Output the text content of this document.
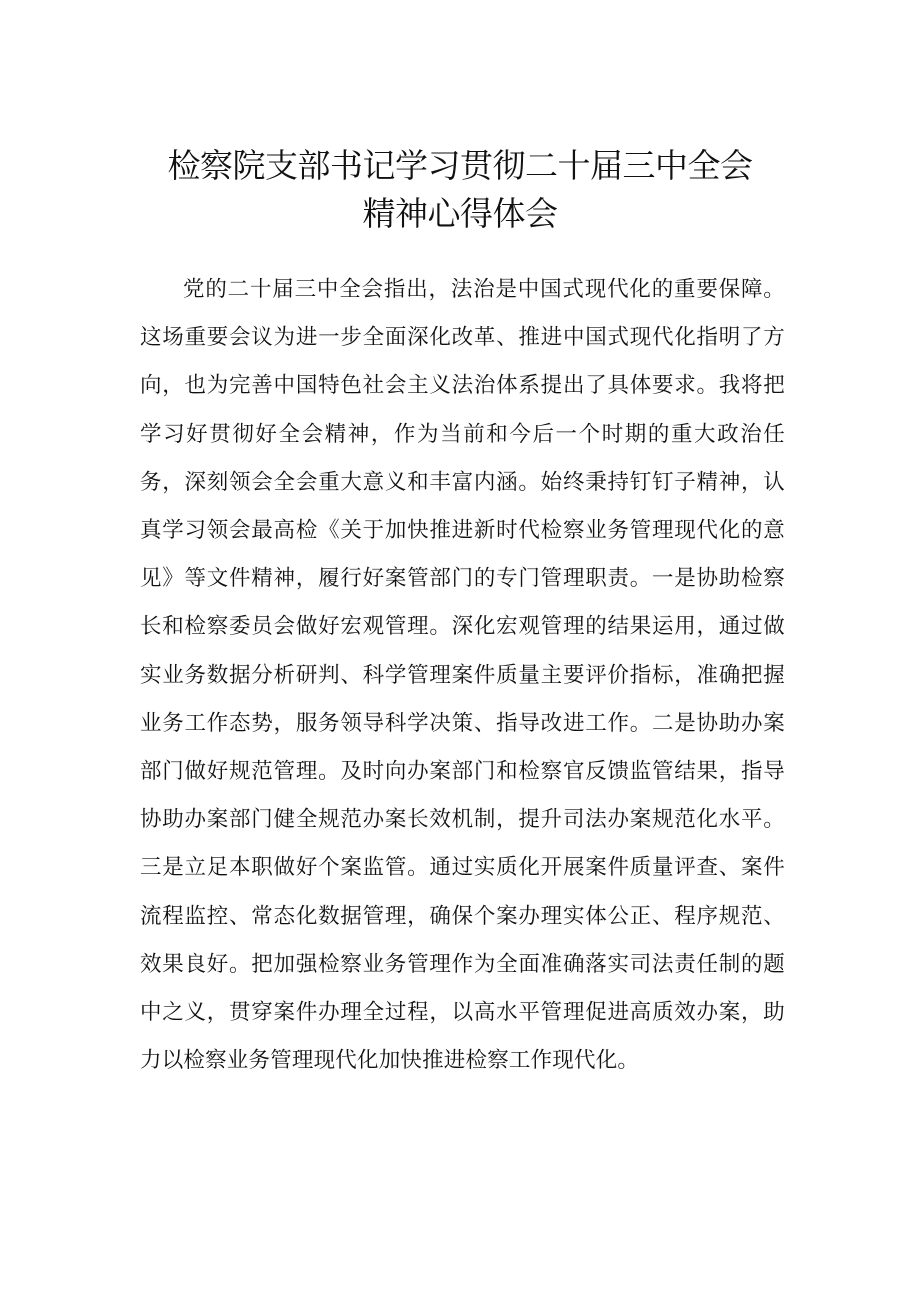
检察院支部书记学习贯彻二十届三中全会
精神心得体会

党的二十届三中全会指出，法治是中国式现代化的重要保障。这场重要会议为进一步全面深化改革、推进中国式现代化指明了方向，也为完善中国特色社会主义法治体系提出了具体要求。我将把学习好贯彻好全会精神，作为当前和今后一个时期的重大政治任务，深刻领会全会重大意义和丰富内涵。始终秉持钉钉子精神，认真学习领会最高检《关于加快推进新时代检察业务管理现代化的意见》等文件精神，履行好案管部门的专门管理职责。一是协助检察长和检察委员会做好宏观管理。深化宏观管理的结果运用，通过做实业务数据分析研判、科学管理案件质量主要评价指标，准确把握业务工作态势，服务领导科学决策、指导改进工作。二是协助办案部门做好规范管理。及时向办案部门和检察官反馈监管结果，指导协助办案部门健全规范办案长效机制，提升司法办案规范化水平。三是立足本职做好个案监管。通过实质化开展案件质量评查、案件流程监控、常态化数据管理，确保个案办理实体公正、程序规范、效果良好。把加强检察业务管理作为全面准确落实司法责任制的题中之义，贯穿案件办理全过程，以高水平管理促进高质效办案，助力以检察业务管理现代化加快推进检察工作现代化。
